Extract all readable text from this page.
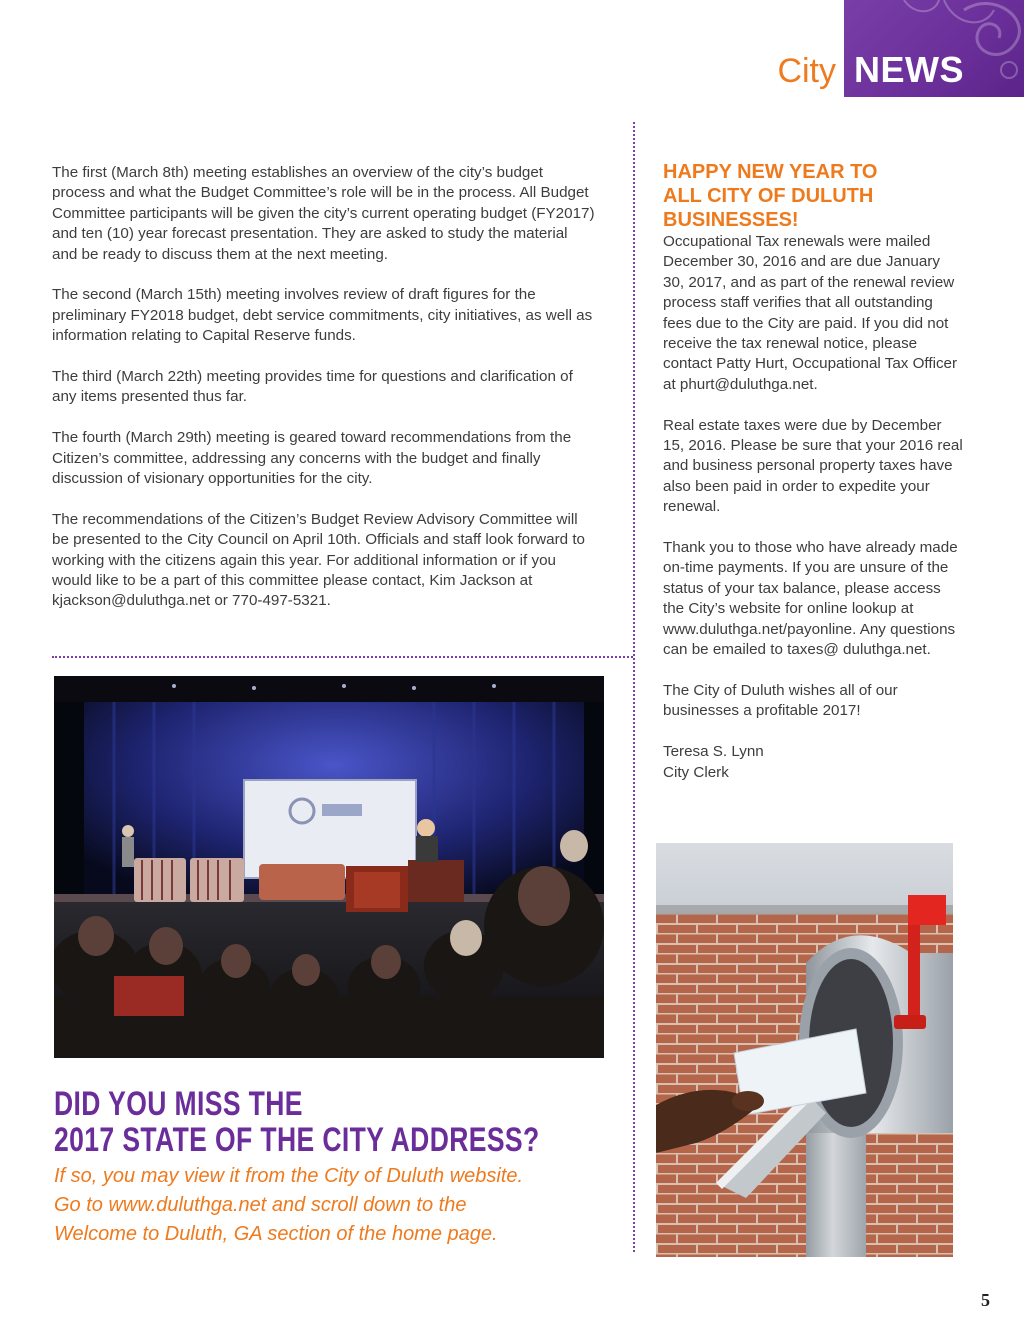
City NEWS

The first (March 8th) meeting establishes an overview of the city’s budget process and what the Budget Committee’s role will be in the process. All Budget Committee participants will be given the city’s current operating budget (FY2017) and ten (10) year forecast presentation. They are asked to study the material and be ready to discuss them at the next meeting.

The second (March 15th) meeting involves review of draft figures for the preliminary FY2018 budget, debt service commitments, city initiatives, as well as information relating to Capital Reserve funds.

The third (March 22th) meeting provides time for questions and clarification of any items presented thus far.

The fourth (March 29th) meeting is geared toward recommendations from the Citizen’s committee, addressing any concerns with the budget and finally discussion of visionary opportunities for the city.

The recommendations of the Citizen’s Budget Review Advisory Committee will be presented to the City Council on April 10th. Officials and staff look forward to working with the citizens again this year. For additional information or if you would like to be a part of this committee please contact, Kim Jackson at kjackson@duluthga.net or 770-497-5321.

DID YOU MISS THE
2017 STATE OF THE CITY ADDRESS?
If so, you may view it from the City of Duluth website.
Go to www.duluthga.net and scroll down to the
Welcome to Duluth, GA section of the home page.
HAPPY NEW YEAR TO
ALL CITY OF DULUTH
BUSINESSES!

Occupational Tax renewals were mailed December 30, 2016 and are due January 30, 2017, and as part of the renewal review process staff verifies that all outstanding fees due to the City are paid. If you did not receive the tax renewal notice, please contact Patty Hurt, Occupational Tax Officer at phurt@duluthga.net.

Real estate taxes were due by December 15, 2016. Please be sure that your 2016 real and business personal property taxes have also been paid in order to expedite your renewal.

Thank you to those who have already made on-time payments. If you are unsure of the status of your tax balance, please access the City’s website for online lookup at www.duluthga.net/payonline. Any questions can be emailed to taxes@ duluthga.net.

The City of Duluth wishes all of our businesses a profitable 2017!

Teresa S. Lynn
City Clerk
5
